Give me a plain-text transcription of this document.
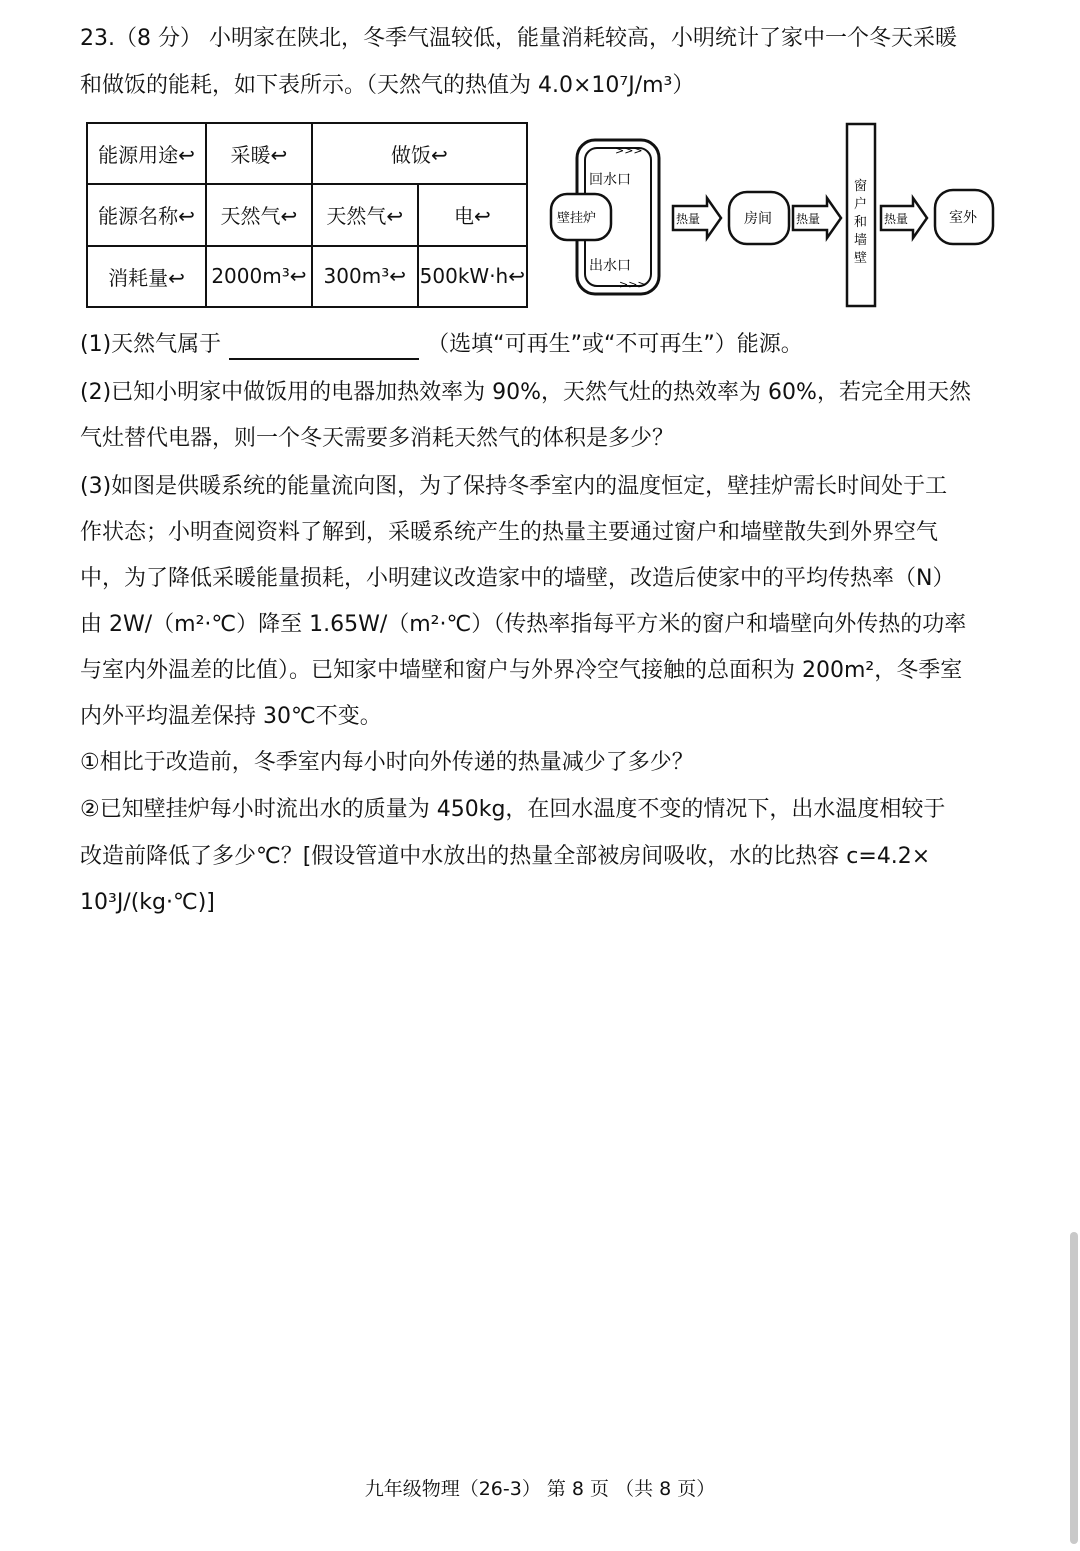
23.（8 分） 小明家在陕北，冬季气温较低，能量消耗较高，小明统计了家中一个冬天采暖
和做饭的能耗，如下表所示。（天然气的热值为 4.0×10⁷J/m³）
能源用途↩	采暖↩	做饭↩	
能源名称↩	天然气↩	天然气↩	电↩
消耗量↩	2000m³↩	300m³↩	500kW·h↩
>>>
>>>
回水口
出水口
壁挂炉	热量	房间 热量
窗
户
和
墙
壁
热量	室外
(1)天然气属于	（选填“可再生”或“不可再生”）能源。
(2)已知小明家中做饭用的电器加热效率为 90%，天然气灶的热效率为 60%，若完全用天然
气灶替代电器，则一个冬天需要多消耗天然气的体积是多少？
(3)如图是供暖系统的能量流向图，为了保持冬季室内的温度恒定，壁挂炉需长时间处于工
作状态；小明查阅资料了解到，采暖系统产生的热量主要通过窗户和墙壁散失到外界空气
中，为了降低采暖能量损耗，小明建议改造家中的墙壁，改造后使家中的平均传热率（N）
由 2W/（m²·℃）降至 1.65W/（m²·℃）（传热率指每平方米的窗户和墙壁向外传热的功率
与室内外温差的比值）。已知家中墙壁和窗户与外界冷空气接触的总面积为 200m²，冬季室
内外平均温差保持 30℃不变。
①相比于改造前，冬季室内每小时向外传递的热量减少了多少？
②已知壁挂炉每小时流出水的质量为 450kg，在回水温度不变的情况下，出水温度相较于
改造前降低了多少℃？[假设管道中水放出的热量全部被房间吸收，水的比热容 c=4.2×
10³J/(kg·℃)]
九年级物理（26-3） 第 8 页 （共 8 页）
